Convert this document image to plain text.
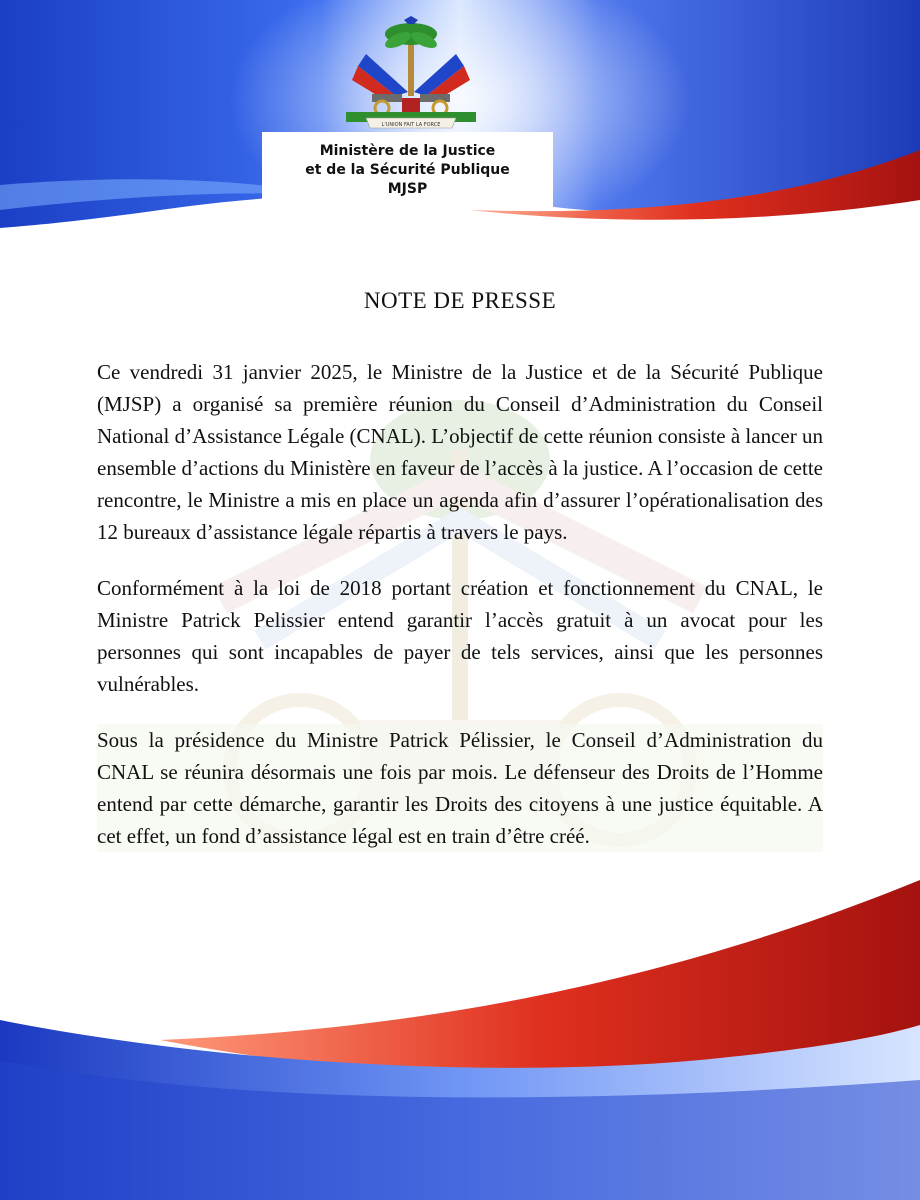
L'UNION FAIT LA FORCE
Ministère de la Justice
et de la Sécurité Publique
MJSP
NOTE DE PRESSE

Ce vendredi 31 janvier 2025, le Ministre de la Justice et de la Sécurité Publique (MJSP) a organisé sa première réunion du Conseil d’Administration du Conseil National d’Assistance Légale (CNAL). L’objectif de cette réunion consiste à lancer un ensemble d’actions du Ministère en faveur de l’accès à la justice. A l’occasion de cette rencontre, le Ministre a mis en place un agenda afin d’assurer l’opérationalisation des 12 bureaux d’assistance légale répartis à travers le pays.

Conformément à la loi de 2018 portant création et fonctionnement du CNAL, le Ministre Patrick Pelissier entend garantir l’accès gratuit à un avocat pour les personnes qui sont incapables de payer de tels services, ainsi que les personnes vulnérables.

Sous la présidence du Ministre Patrick Pélissier, le Conseil d’Administration du CNAL se réunira désormais une fois par mois. Le défenseur des Droits de l’Homme entend par cette démarche, garantir les Droits des citoyens à une justice équitable. A cet effet, un fond d’assistance légal est en train d’être créé.
